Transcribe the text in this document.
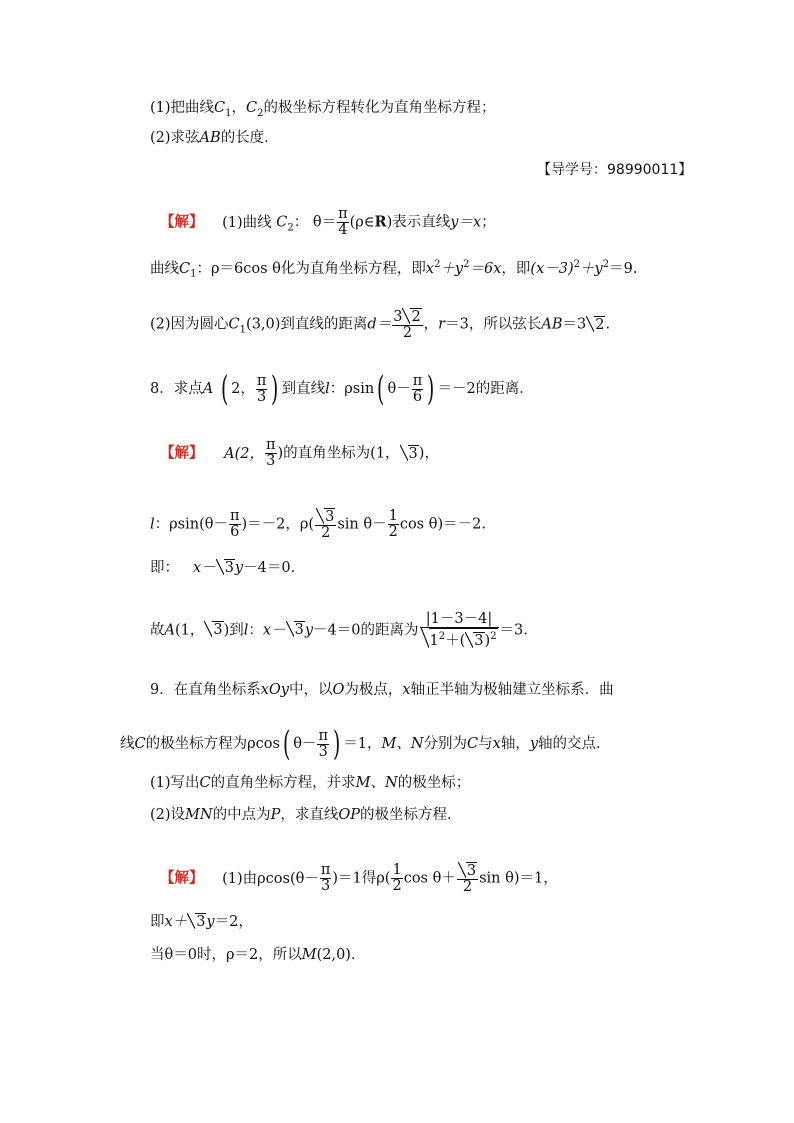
(1)把曲线$C_1$，$C_2$的极坐标方程转化为直角坐标方程；
(2)求弦AB的长度．
【导学号：98990011】
【解】 (1)曲线 $C_2$： $\theta= \frac{\pi}{4}$ (ρ∈R)表示直线y＝x；
曲线$C_1$：ρ＝6cos θ化为直角坐标方程，即$x^2+y^2=6x$，即$(x-3)^2+y^2=9$.
(2)因为圆心$C_1(3,0)$到直线的距离$d= \frac{3 2}{2}$ ，r＝3，所以弦长AB＝3 2.
8．求点A ( 2， $\frac{\pi}{3}$ ) 到直线l：ρsin( $\theta- \frac{\pi}{6}$ ) ＝－2的距离．
【解】 A(2， $\frac{\pi}{3}$ )的直角坐标为(1， 3)，
l：$\rho\sin(\theta- \frac{\pi}{6} )=-2$，$\rho( \frac{3}{2}$ $\sin \theta- \frac{1}{2}$ cos θ)＝－2.
即： x－ 3y－4＝0.
故A(1， 3)到l：x－ 3y－4＝0的距离为 $\frac{|1-3-4|}{1^2+( 3)^2} =3$.
9．在直角坐标系xOy中，以O为极点，x轴正半轴为极轴建立坐标系．曲
线C的极坐标方程为ρcos( $\theta- \frac{\pi}{3}$ ) ＝1，M、N分别为C与x轴，y轴的交点．
(1)写出C的直角坐标方程，并求M、N的极坐标；
(2)设MN的中点为P，求直线OP的极坐标方程．
【解】 (1)由$\rho\cos(\theta- \frac{\pi}{3} )=1$得$\rho( \frac{1}{2}$ $\cos \theta+ \frac{3}{2}$ sin θ)＝1，
即x＋ 3y＝2，
当θ＝0时，ρ＝2，所以M(2,0)．
